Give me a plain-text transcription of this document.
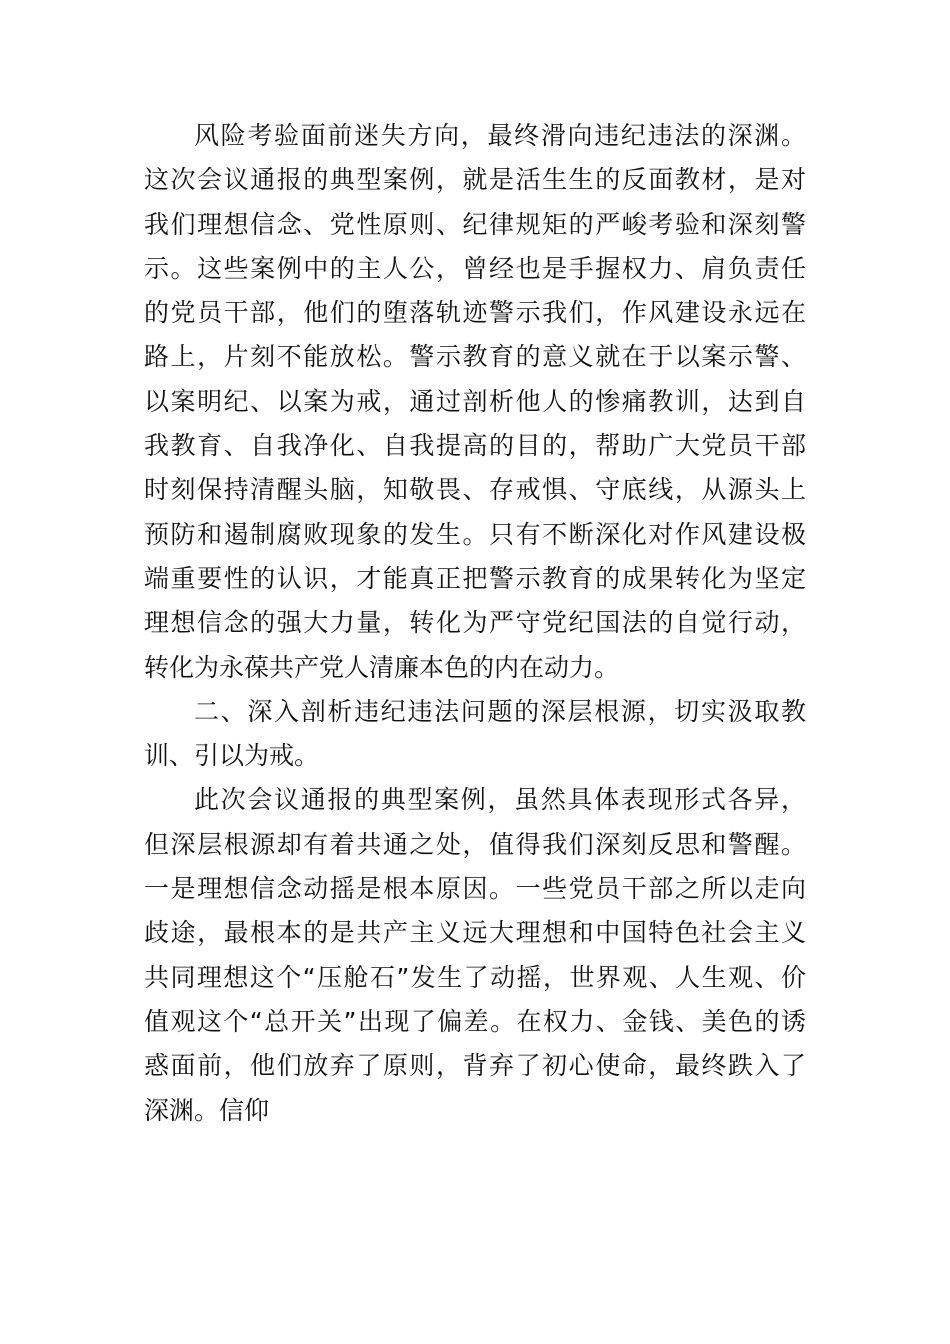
风险考验面前迷失方向，最终滑向违纪违法的深渊。
这次会议通报的典型案例，就是活生生的反面教材，是对
我们理想信念、党性原则、纪律规矩的严峻考验和深刻警
示。这些案例中的主人公，曾经也是手握权力、肩负责任
的党员干部，他们的堕落轨迹警示我们，作风建设永远在
路上，片刻不能放松。警示教育的意义就在于以案示警、
以案明纪、以案为戒，通过剖析他人的惨痛教训，达到自
我教育、自我净化、自我提高的目的，帮助广大党员干部
时刻保持清醒头脑，知敬畏、存戒惧、守底线，从源头上
预防和遏制腐败现象的发生。只有不断深化对作风建设极
端重要性的认识，才能真正把警示教育的成果转化为坚定
理想信念的强大力量，转化为严守党纪国法的自觉行动，
转化为永葆共产党人清廉本色的内在动力。
二、深入剖析违纪违法问题的深层根源，切实汲取教
训、引以为戒。
此次会议通报的典型案例，虽然具体表现形式各异，
但深层根源却有着共通之处，值得我们深刻反思和警醒。
一是理想信念动摇是根本原因。一些党员干部之所以走向
歧途，最根本的是共产主义远大理想和中国特色社会主义
共同理想这个“压舱石”发生了动摇，世界观、人生观、价
值观这个“总开关”出现了偏差。在权力、金钱、美色的诱
惑面前，他们放弃了原则，背弃了初心使命，最终跌入了
深渊。信仰
